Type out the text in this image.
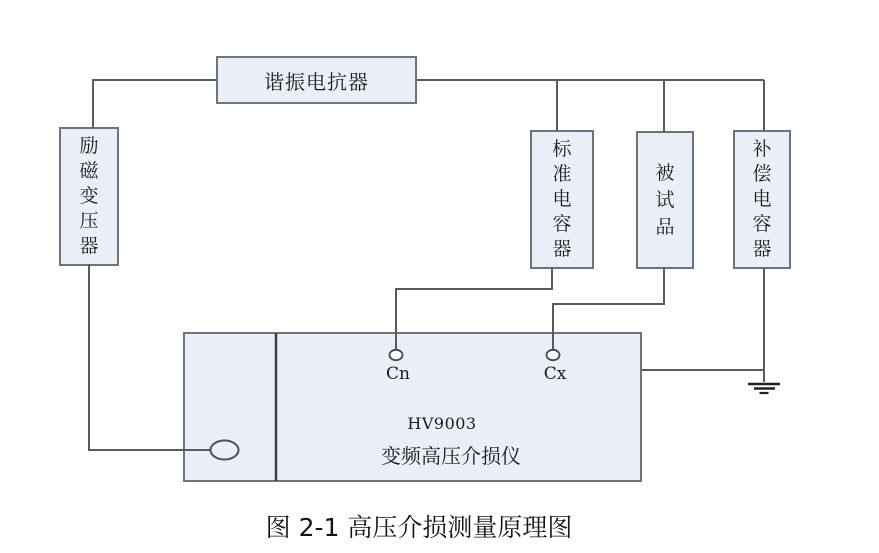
谐振电抗器
励磁变压器
标准电容器
被试品
补偿电容器
Cn	Cx
HV9003
变频高压介损仪
图 2-1 高压介损测量原理图
